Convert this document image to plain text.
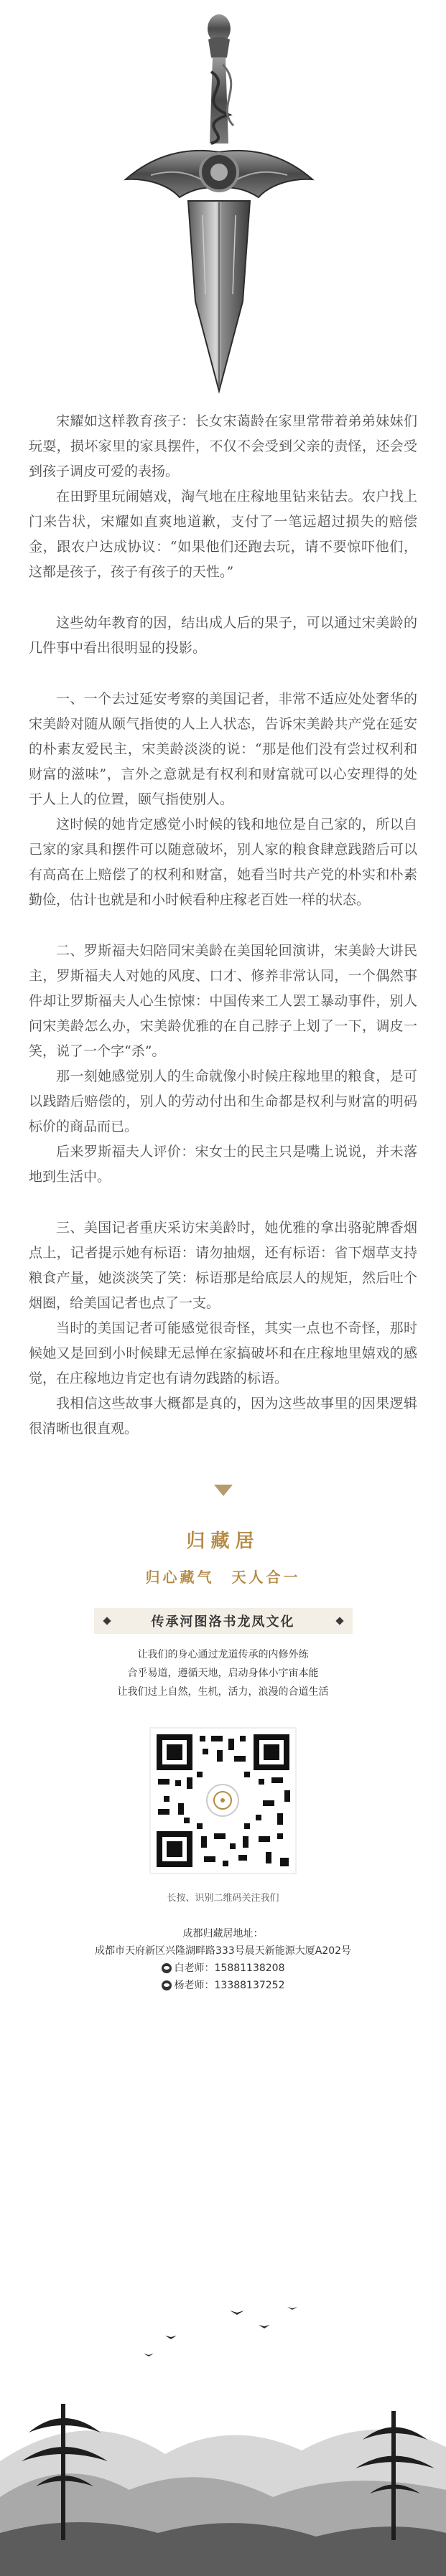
宋耀如这样教育孩子：长女宋蔼龄在家里常带着弟弟妹妹们玩耍，损坏家里的家具摆件，不仅不会受到父亲的责怪，还会受到孩子调皮可爱的表扬。

在田野里玩闹嬉戏，淘气地在庄稼地里钻来钻去。农户找上门来告状，宋耀如直爽地道歉，支付了一笔远超过损失的赔偿金，跟农户达成协议：“如果他们还跑去玩，请不要惊吓他们，这都是孩子，孩子有孩子的天性。”

这些幼年教育的因，结出成人后的果子，可以通过宋美龄的几件事中看出很明显的投影。

一、一个去过延安考察的美国记者，非常不适应处处奢华的宋美龄对随从颐气指使的人上人状态，告诉宋美龄共产党在延安的朴素友爱民主，宋美龄淡淡的说：“那是他们没有尝过权利和财富的滋味”，言外之意就是有权利和财富就可以心安理得的处于人上人的位置，颐气指使别人。

这时候的她肯定感觉小时候的钱和地位是自己家的，所以自己家的家具和摆件可以随意破坏，别人家的粮食肆意践踏后可以有高高在上赔偿了的权利和财富，她看当时共产党的朴实和朴素勤俭，估计也就是和小时候看种庄稼老百姓一样的状态。

二、罗斯福夫妇陪同宋美龄在美国轮回演讲，宋美龄大讲民主，罗斯福夫人对她的风度、口才、修养非常认同，一个偶然事件却让罗斯福夫人心生惊悚：中国传来工人罢工暴动事件，别人问宋美龄怎么办，宋美龄优雅的在自己脖子上划了一下，调皮一笑，说了一个字“杀”。

那一刻她感觉别人的生命就像小时候庄稼地里的粮食，是可以践踏后赔偿的，别人的劳动付出和生命都是权利与财富的明码标价的商品而已。

后来罗斯福夫人评价：宋女士的民主只是嘴上说说，并未落地到生活中。

三、美国记者重庆采访宋美龄时，她优雅的拿出骆驼牌香烟点上，记者提示她有标语：请勿抽烟，还有标语：省下烟草支持粮食产量，她淡淡笑了笑：标语那是给底层人的规矩，然后吐个烟圈，给美国记者也点了一支。

当时的美国记者可能感觉很奇怪，其实一点也不奇怪，那时候她又是回到小时候肆无忌惮在家搞破坏和在庄稼地里嬉戏的感觉，在庄稼地边肯定也有请勿践踏的标语。

我相信这些故事大概都是真的，因为这些故事里的因果逻辑很清晰也很直观。

归藏居
归心藏气　天人合一
传承河图洛书龙凤文化
让我们的身心通过龙道传承的内修外练
合乎易道，遵循天地，启动身体小宇宙本能
让我们过上自然，生机，活力，浪漫的合道生活
长按、识别二维码关注我们
成都归藏居地址：
成都市天府新区兴隆湖畔路333号晨天新能源大厦A202号
白老师：15881138208
杨老师：13388137252
